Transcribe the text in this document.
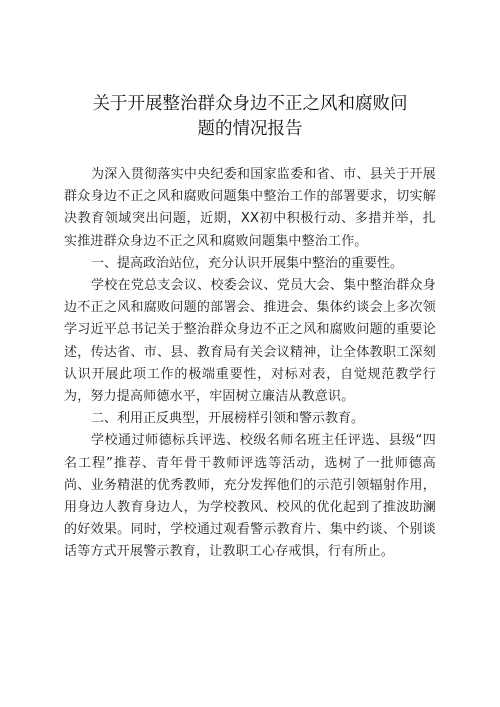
关于开展整治群众身边不正之风和腐败问
题的情况报告

为深入贯彻落实中央纪委和国家监委和省、市、县关于开展群众身边不正之风和腐败问题集中整治工作的部署要求，切实解决教育领域突出问题，近期，XX初中积极行动、多措并举，扎实推进群众身边不正之风和腐败问题集中整治工作。

一、提高政治站位，充分认识开展集中整治的重要性。

学校在党总支会议、校委会议、党员大会、集中整治群众身边不正之风和腐败问题的部署会、推进会、集体约谈会上多次领学习近平总书记关于整治群众身边不正之风和腐败问题的重要论述，传达省、市、县、教育局有关会议精神，让全体教职工深刻认识开展此项工作的极端重要性，对标对表，自觉规范教学行为，努力提高师德水平，牢固树立廉洁从教意识。

二、利用正反典型，开展榜样引领和警示教育。

学校通过师德标兵评选、校级名师名班主任评选、县级“四名工程”推荐、青年骨干教师评选等活动，选树了一批师德高尚、业务精湛的优秀教师，充分发挥他们的示范引领辐射作用，用身边人教育身边人，为学校教风、校风的优化起到了推波助澜的好效果。同时，学校通过观看警示教育片、集中约谈、个别谈话等方式开展警示教育，让教职工心存戒惧，行有所止。
